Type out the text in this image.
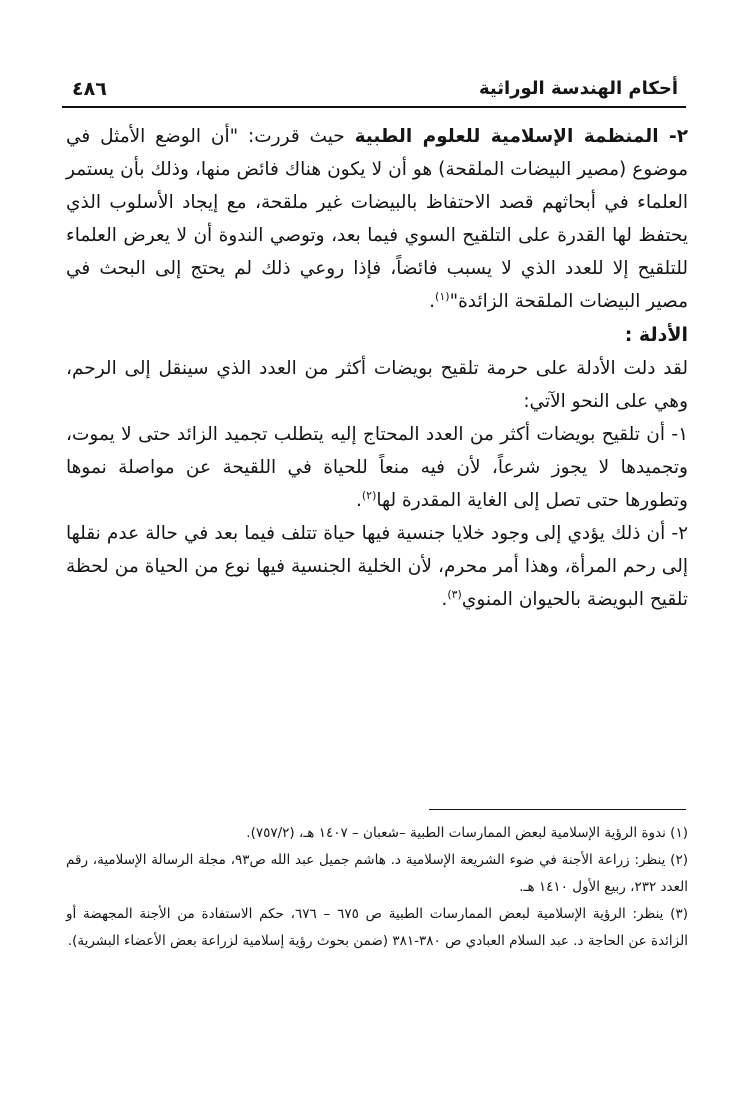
أحكام الهندسة الوراثية
٤٨٦

٢- المنظمة الإسلامية للعلوم الطبية حيث قررت: "أن الوضع الأمثل في موضوع (مصير البيضات الملقحة) هو أن لا يكون هناك فائض منها، وذلك بأن يستمر العلماء في أبحاثهم قصد الاحتفاظ بالبيضات غير ملقحة، مع إيجاد الأسلوب الذي يحتفظ لها القدرة على التلقيح السوي فيما بعد، وتوصي الندوة أن لا يعرض العلماء للتلقيح إلا للعدد الذي لا يسبب فائضاً، فإذا روعي ذلك لم يحتج إلى البحث في مصير البيضات الملقحة الزائدة"$^{(١)}$.

الأدلة :

لقد دلت الأدلة على حرمة تلقيح بويضات أكثر من العدد الذي سينقل إلى الرحم، وهي على النحو الآتي:

١- أن تلقيح بويضات أكثر من العدد المحتاج إليه يتطلب تجميد الزائد حتى لا يموت، وتجميدها لا يجوز شرعاً، لأن فيه منعاً للحياة في اللقيحة عن مواصلة نموها وتطورها حتى تصل إلى الغاية المقدرة لها$^{(٢)}$.

٢- أن ذلك يؤدي إلى وجود خلايا جنسية فيها حياة تتلف فيما بعد في حالة عدم نقلها إلى رحم المرأة، وهذا أمر محرم، لأن الخلية الجنسية فيها نوع من الحياة من لحظة تلقيح البويضة بالحيوان المنوي$^{(٣)}$.

(١) ندوة الرؤية الإسلامية لبعض الممارسات الطبية –شعبان – ١٤٠٧ هـ، (٧٥٧/٢).

(٢) ينظر: زراعة الأجنة في ضوء الشريعة الإسلامية د. هاشم جميل عبد الله ص٩٣، مجلة الرسالة الإسلامية، رقم العدد ٢٣٢، ربيع الأول ١٤١٠ هـ.

(٣) ينظر: الرؤية الإسلامية لبعض الممارسات الطبية ص ٦٧٥ – ٦٧٦، حكم الاستفادة من الأجنة المجهضة أو الزائدة عن الحاجة د. عبد السلام العبادي ص ٣٨٠-٣٨١ (ضمن بحوث رؤية إسلامية لزراعة بعض الأعضاء البشرية).
